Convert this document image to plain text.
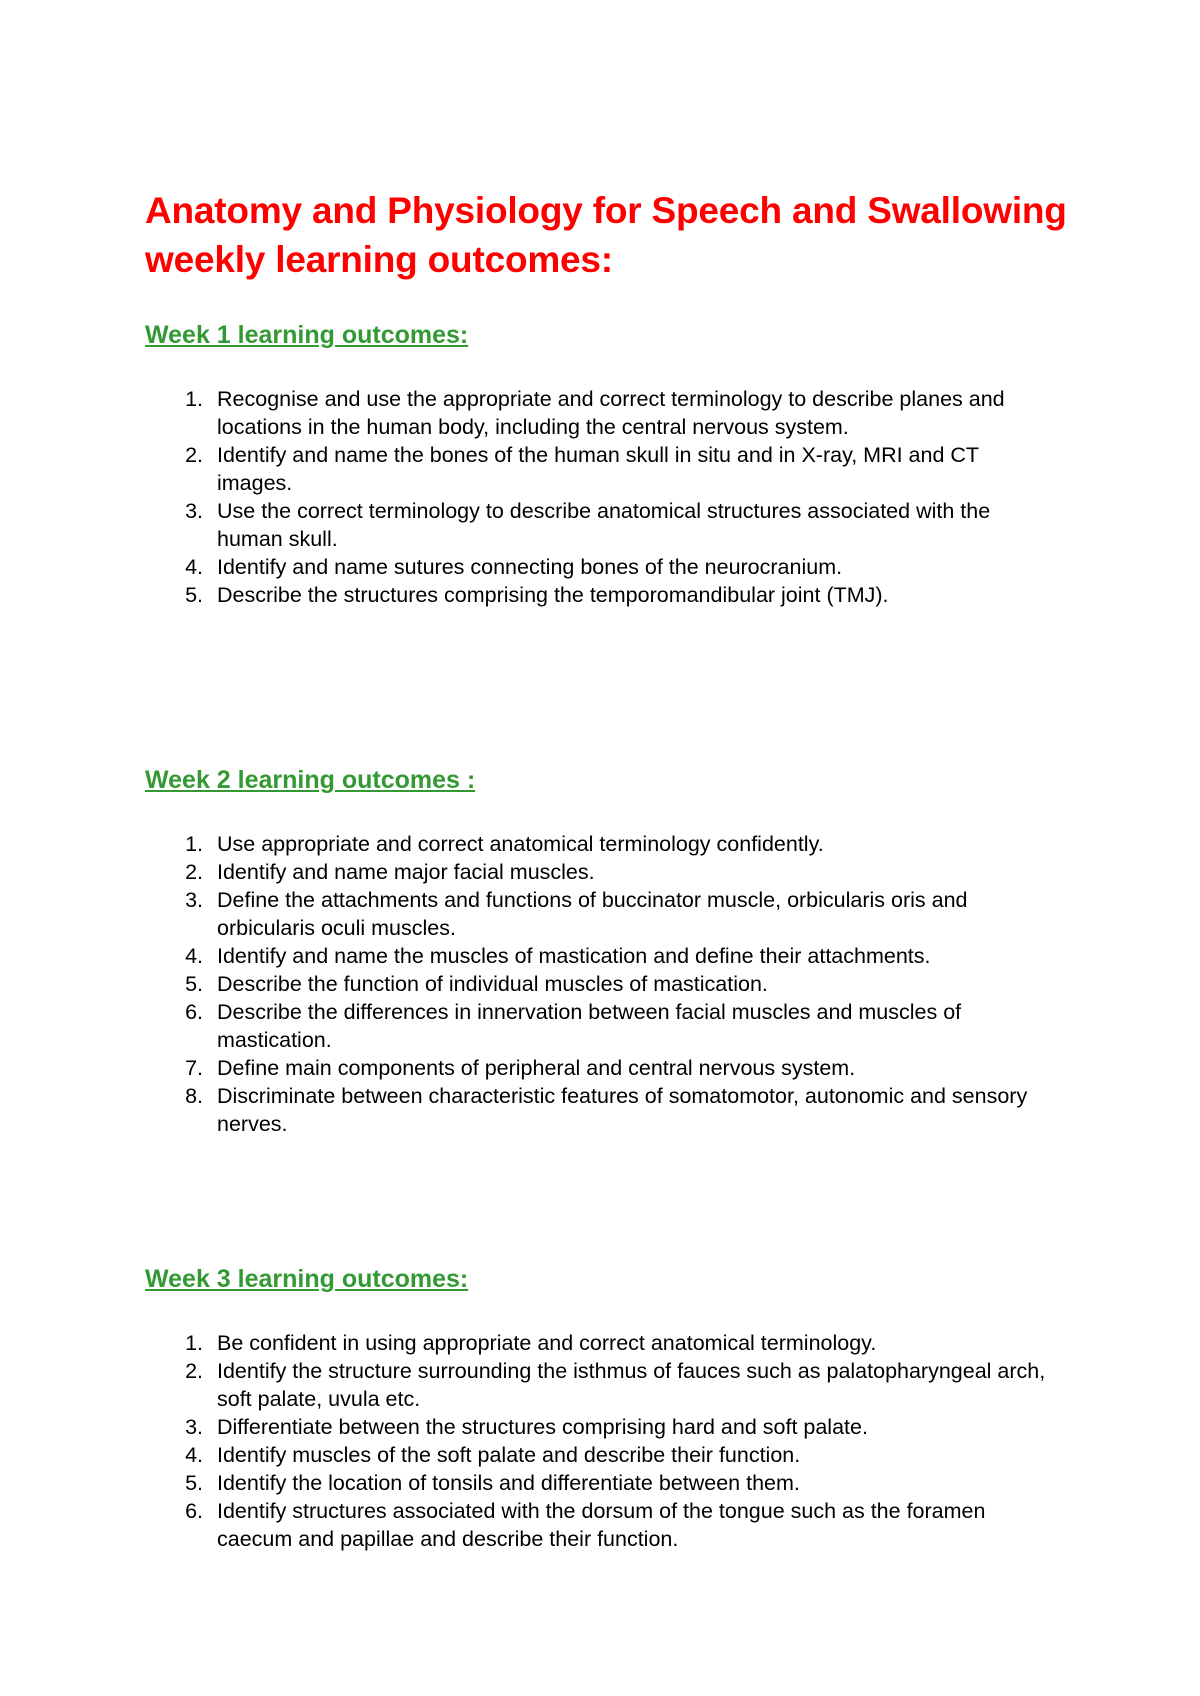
Anatomy and Physiology for Speech and Swallowing weekly learning outcomes:
Week 1 learning outcomes:
1. Recognise and use the appropriate and correct terminology to describe planes and locations in the human body, including the central nervous system.
2. Identify and name the bones of the human skull in situ and in X-ray, MRI and CT images.
3. Use the correct terminology to describe anatomical structures associated with the human skull.
4. Identify and name sutures connecting bones of the neurocranium.
5. Describe the structures comprising the temporomandibular joint (TMJ).
Week 2 learning outcomes :
1. Use appropriate and correct anatomical terminology confidently.
2. Identify and name major facial muscles.
3. Define the attachments and functions of buccinator muscle, orbicularis oris and orbicularis oculi muscles.
4. Identify and name the muscles of mastication and define their attachments.
5. Describe the function of individual muscles of mastication.
6. Describe the differences in innervation between facial muscles and muscles of mastication.
7. Define main components of peripheral and central nervous system.
8. Discriminate between characteristic features of somatomotor, autonomic and sensory nerves.
Week 3 learning outcomes:
1. Be confident in using appropriate and correct anatomical terminology.
2. Identify the structure surrounding the isthmus of fauces such as palatopharyngeal arch, soft palate, uvula etc.
3. Differentiate between the structures comprising hard and soft palate.
4. Identify muscles of the soft palate and describe their function.
5. Identify the location of tonsils and differentiate between them.
6. Identify structures associated with the dorsum of the tongue such as the foramen caecum and papillae and describe their function.
